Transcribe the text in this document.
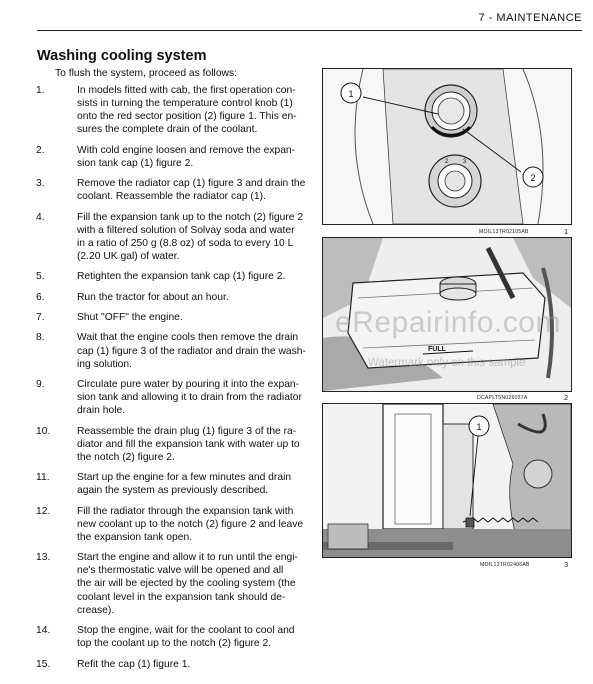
7 - MAINTENANCE
Washing cooling system
To flush the system, proceed as follows:
1.	In models fitted with cab, the first operation con-
sists in turning the temperature control knob (1)
onto the red sector position (2) figure 1. This en-
sures the complete drain of the coolant.
2.	With cold engine loosen and remove the expan-
sion tank cap (1) figure 2.
3.	Remove the radiator cap (1) figure 3 and drain the
coolant. Reassemble the radiator cap (1).
4.	Fill the expansion tank up to the notch (2) figure 2
with a filtered solution of Solvay soda and water
in a ratio of 250 g (8.8 oz) of soda to every 10 L
(2.20 UK gal) of water.
5.	Retighten the expansion tank cap (1) figure 2.
6.	Run the tractor for about an hour.
7.	Shut "OFF" the engine.
8.	Wait that the engine cools then remove the drain
cap (1) figure 3 of the radiator and drain the wash-
ing solution.
9.	Circulate pure water by pouring it into the expan-
sion tank and allowing it to drain from the radiator
drain hole.
10.	Reassemble the drain plug (1) figure 3 of the ra-
diator and fill the expansion tank with water up to
the notch (2) figure 2.
11.	Start up the engine for a few minutes and drain
again the system as previously described.
12.	Fill the radiator through the expansion tank with
new coolant up to the notch (2) figure 2 and leave
the expansion tank open.
13.	Start the engine and allow it to run until the engi-
ne's thermostatic valve will be opened and all
the air will be ejected by the cooling system (the
coolant level in the expansion tank should de-
crease).
14.	Stop the engine, wait for the coolant to cool and
top the coolant up to the notch (2) figure 2.
15.	Refit the cap (1) figure 1.
2 3
1
2
MOIL13TR02105AB	1
FULL
eRepairinfo.com
Watermark only on this sample
DCAPLT5N026037A	2
1
MOIL13TR02406AB	3
